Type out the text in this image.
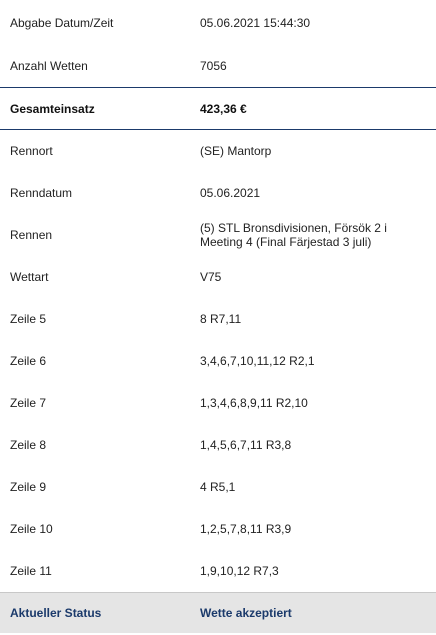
Abgabe Datum/Zeit	05.06.2021 15:44:30
Anzahl Wetten	7056
Gesamteinsatz	423,36 €
Rennort	(SE) Mantorp
Renndatum	05.06.2021
Rennen	(5) STL Bronsdivisionen, Försök 2 i
Meeting 4 (Final Färjestad 3 juli)
Wettart	V75
Zeile 5	8 R7,11
Zeile 6	3,4,6,7,10,11,12 R2,1
Zeile 7	1,3,4,6,8,9,11 R2,10
Zeile 8	1,4,5,6,7,11 R3,8
Zeile 9	4 R5,1
Zeile 10	1,2,5,7,8,11 R3,9
Zeile 11	1,9,10,12 R7,3
Aktueller Status	Wette akzeptiert
